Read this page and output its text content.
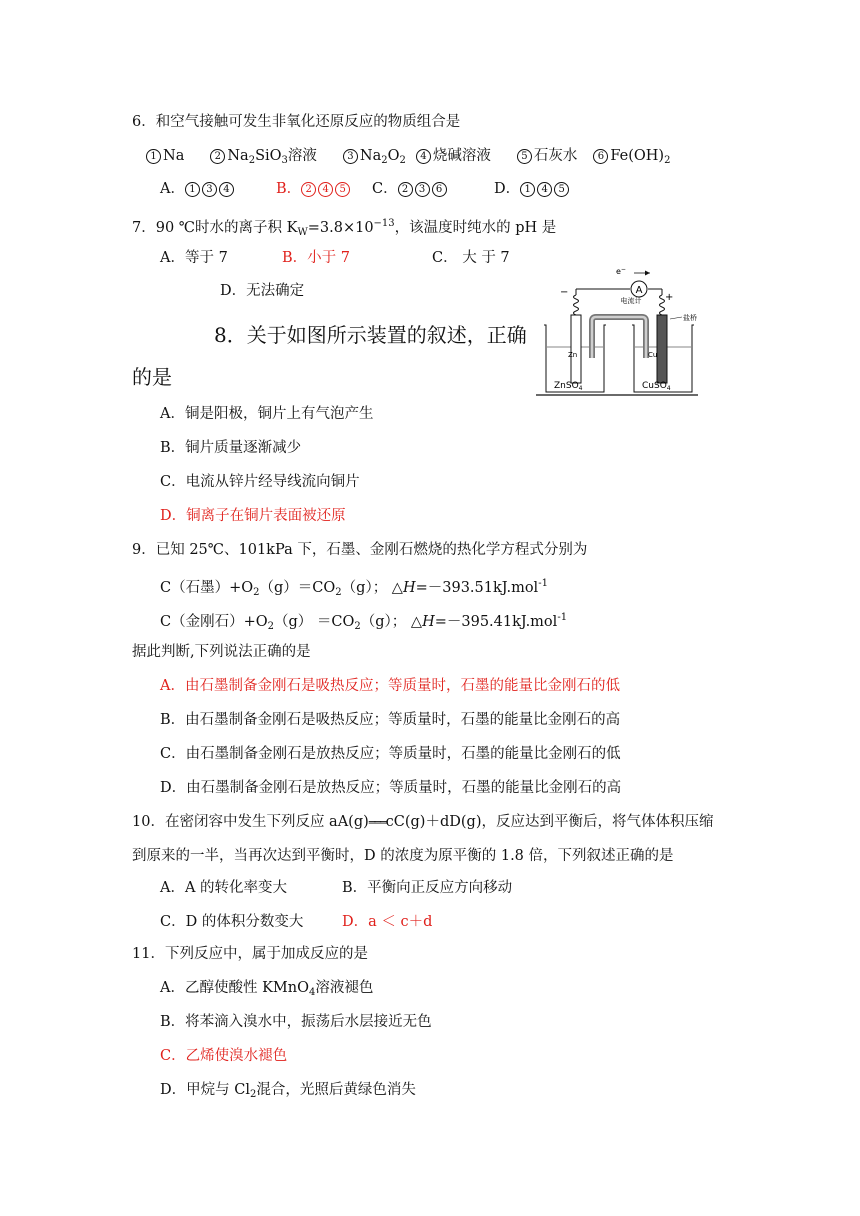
6．和空气接触可发生非氧化还原反应的物质组合是
1 Na	2 $Na_2SiO_3$溶液	3 $Na_2O_2$ 4 烧碱溶液	5 石灰水 6 $Fe(OH)_2$
A． 1 3 4	B． 2 4 5 C． 2 3 6	D． 1 4 5
7．90 ℃时水的离子积 $K_W=3.8\times 10^{-13}$，该温度时纯水的 pH 是
A．等于 7	B．小于 7	C． 大 于 7
D．无法确定
8．关于如图所示装置的叙述，正确
的是
A
电流计
e−
−	+
盐桥
Zn	Cu
ZnSO$_4$	CuSO$_4$
A．铜是阳极，铜片上有气泡产生
B．铜片质量逐渐减少
C．电流从锌片经导线流向铜片
D．铜离子在铜片表面被还原
9．已知 25℃、101kPa 下，石墨、金刚石燃烧的热化学方程式分别为
C（石墨）$+O_2(g)=CO_2(g)$； △H=－393.51kJ.mol$^{-1}$
C（金刚石）$+O_2(g) =CO_2(g)$； △H=－395.41kJ.mol$^{-1}$
据此判断,下列说法正确的是
A．由石墨制备金刚石是吸热反应；等质量时，石墨的能量比金刚石的低
B．由石墨制备金刚石是吸热反应；等质量时，石墨的能量比金刚石的高
C．由石墨制备金刚石是放热反应；等质量时，石墨的能量比金刚石的低
D．由石墨制备金刚石是放热反应；等质量时，石墨的能量比金刚石的高
10．在密闭容中发生下列反应 aA(g)═══cC(g)＋dD(g)，反应达到平衡后，将气体体积压缩
到原来的一半，当再次达到平衡时，D 的浓度为原平衡的 1.8 倍，下列叙述正确的是
A．A 的转化率变大	B．平衡向正反应方向移动
C．D 的体积分数变大	D．a ＜ c＋d
11．下列反应中，属于加成反应的是
A．乙醇使酸性 KMnO$_4$溶液褪色
B．将苯滴入溴水中，振荡后水层接近无色
C．乙烯使溴水褪色
D．甲烷与 $Cl_2$混合，光照后黄绿色消失
